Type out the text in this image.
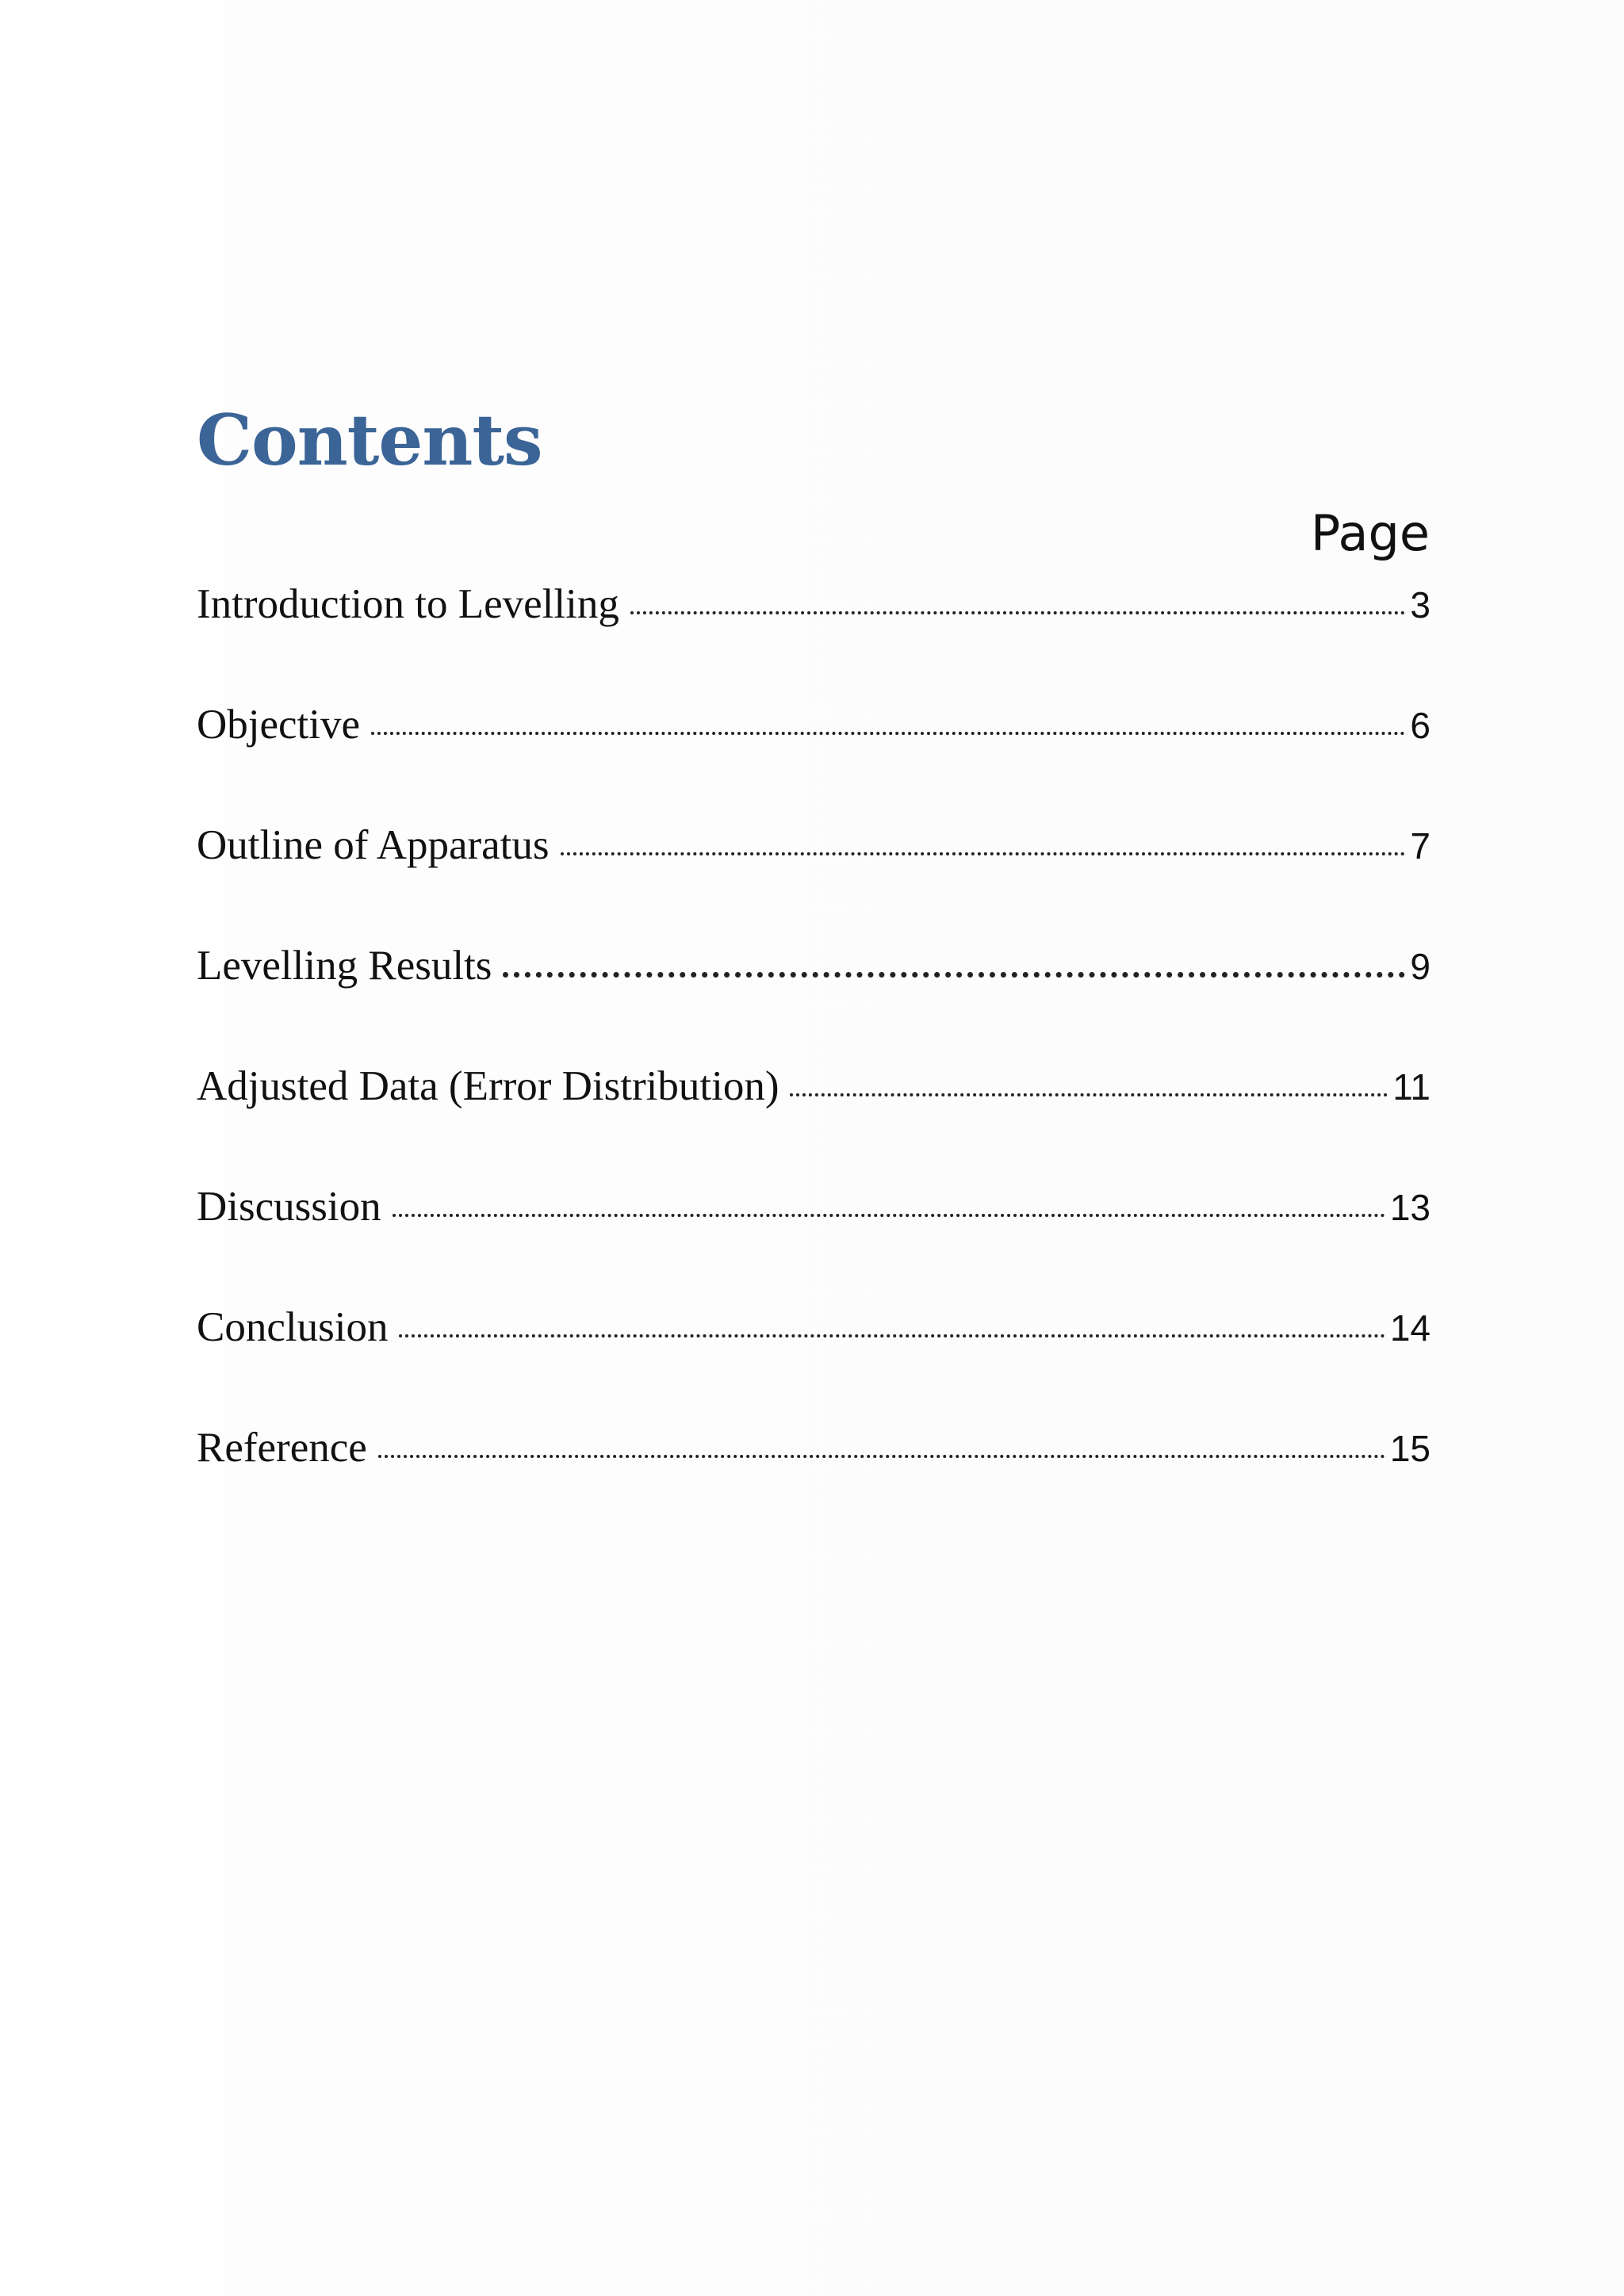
Contents
Page
Introduction to Levelling	3
Objective	6
Outline of Apparatus	7
Levelling Results	9
Adjusted Data (Error Distribution)	11
Discussion	13
Conclusion	14
Reference	15
